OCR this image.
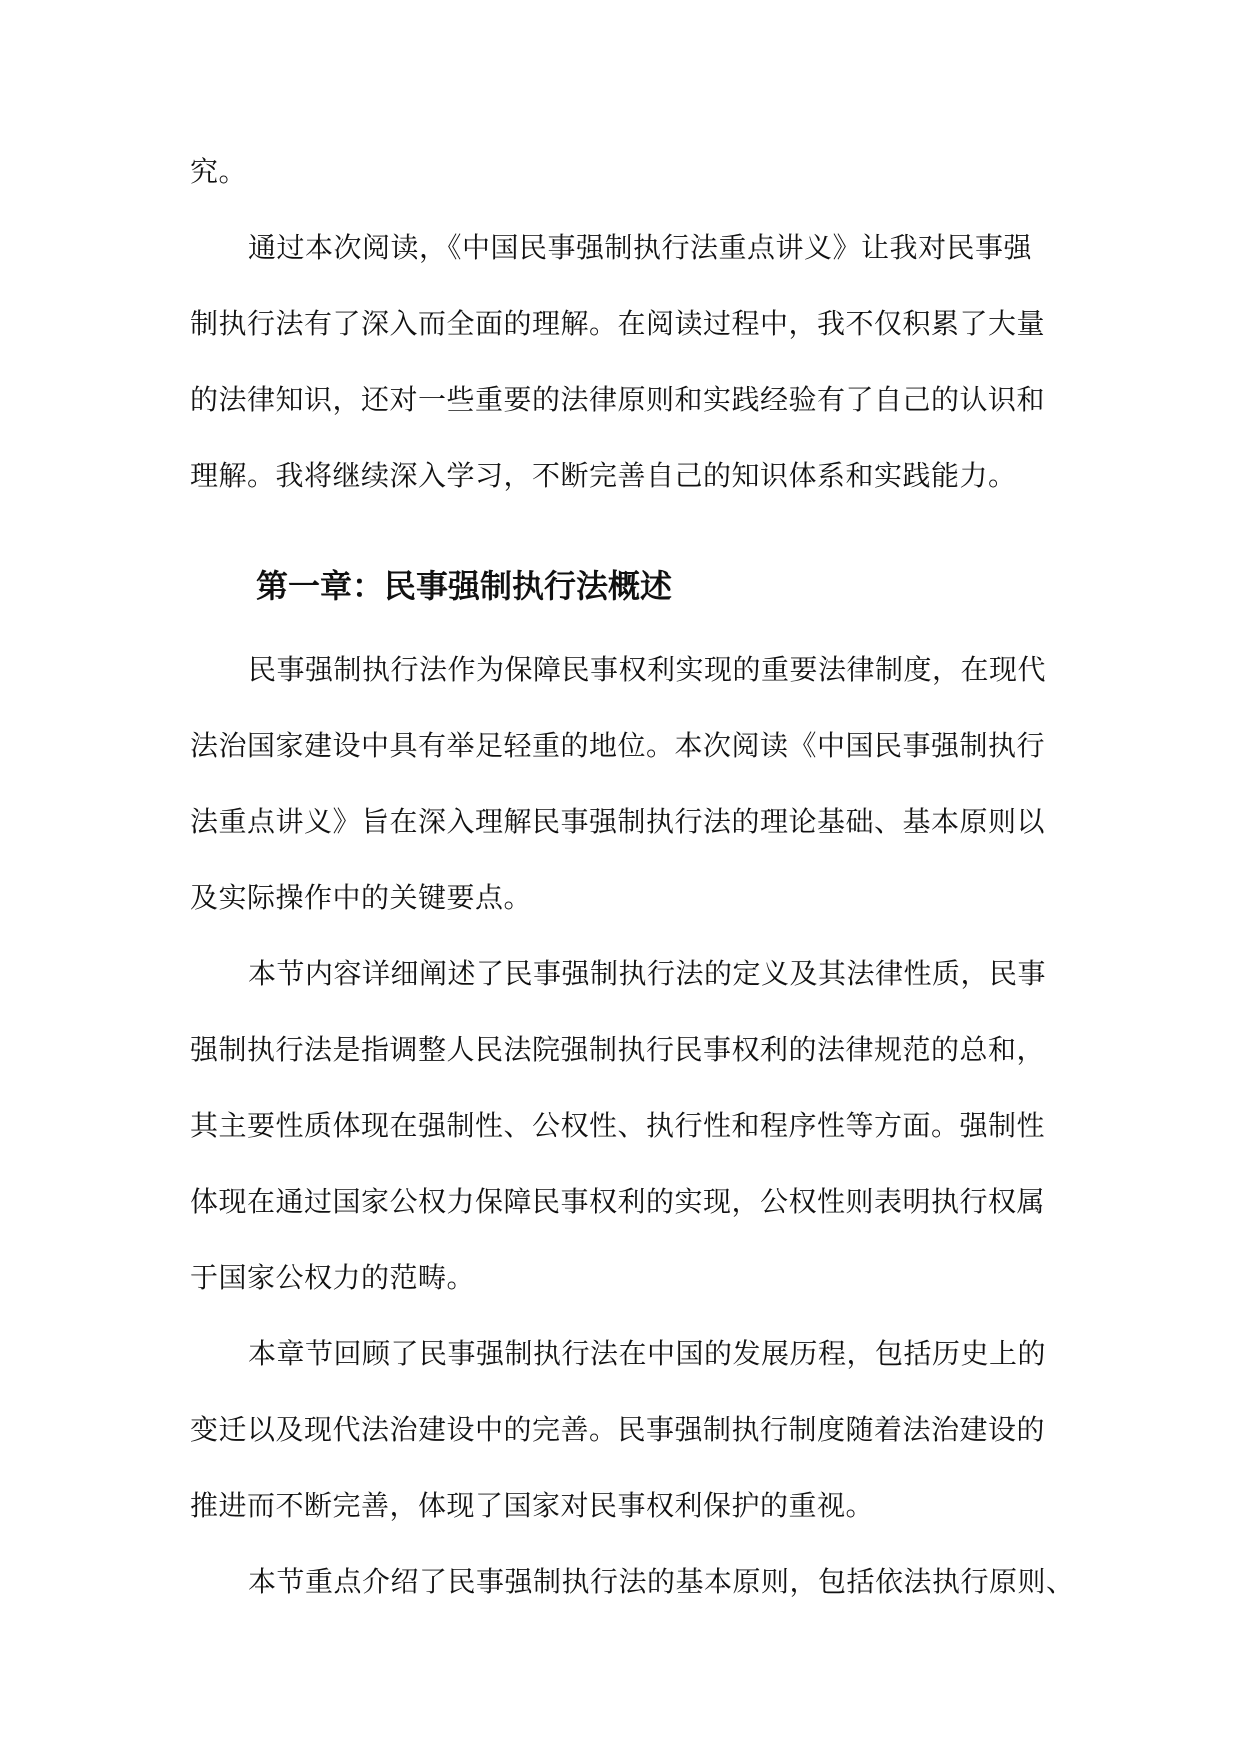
究。
通过本次阅读，《中国民事强制执行法重点讲义》让我对民事强
制执行法有了深入而全面的理解。在阅读过程中，我不仅积累了大量
的法律知识，还对一些重要的法律原则和实践经验有了自己的认识和
理解。我将继续深入学习，不断完善自己的知识体系和实践能力。
第一章：民事强制执行法概述
民事强制执行法作为保障民事权利实现的重要法律制度，在现代
法治国家建设中具有举足轻重的地位。本次阅读《中国民事强制执行
法重点讲义》旨在深入理解民事强制执行法的理论基础、基本原则以
及实际操作中的关键要点。
本节内容详细阐述了民事强制执行法的定义及其法律性质，民事
强制执行法是指调整人民法院强制执行民事权利的法律规范的总和，
其主要性质体现在强制性、公权性、执行性和程序性等方面。强制性
体现在通过国家公权力保障民事权利的实现，公权性则表明执行权属
于国家公权力的范畴。
本章节回顾了民事强制执行法在中国的发展历程，包括历史上的
变迁以及现代法治建设中的完善。民事强制执行制度随着法治建设的
推进而不断完善，体现了国家对民事权利保护的重视。
本节重点介绍了民事强制执行法的基本原则，包括依法执行原则、
